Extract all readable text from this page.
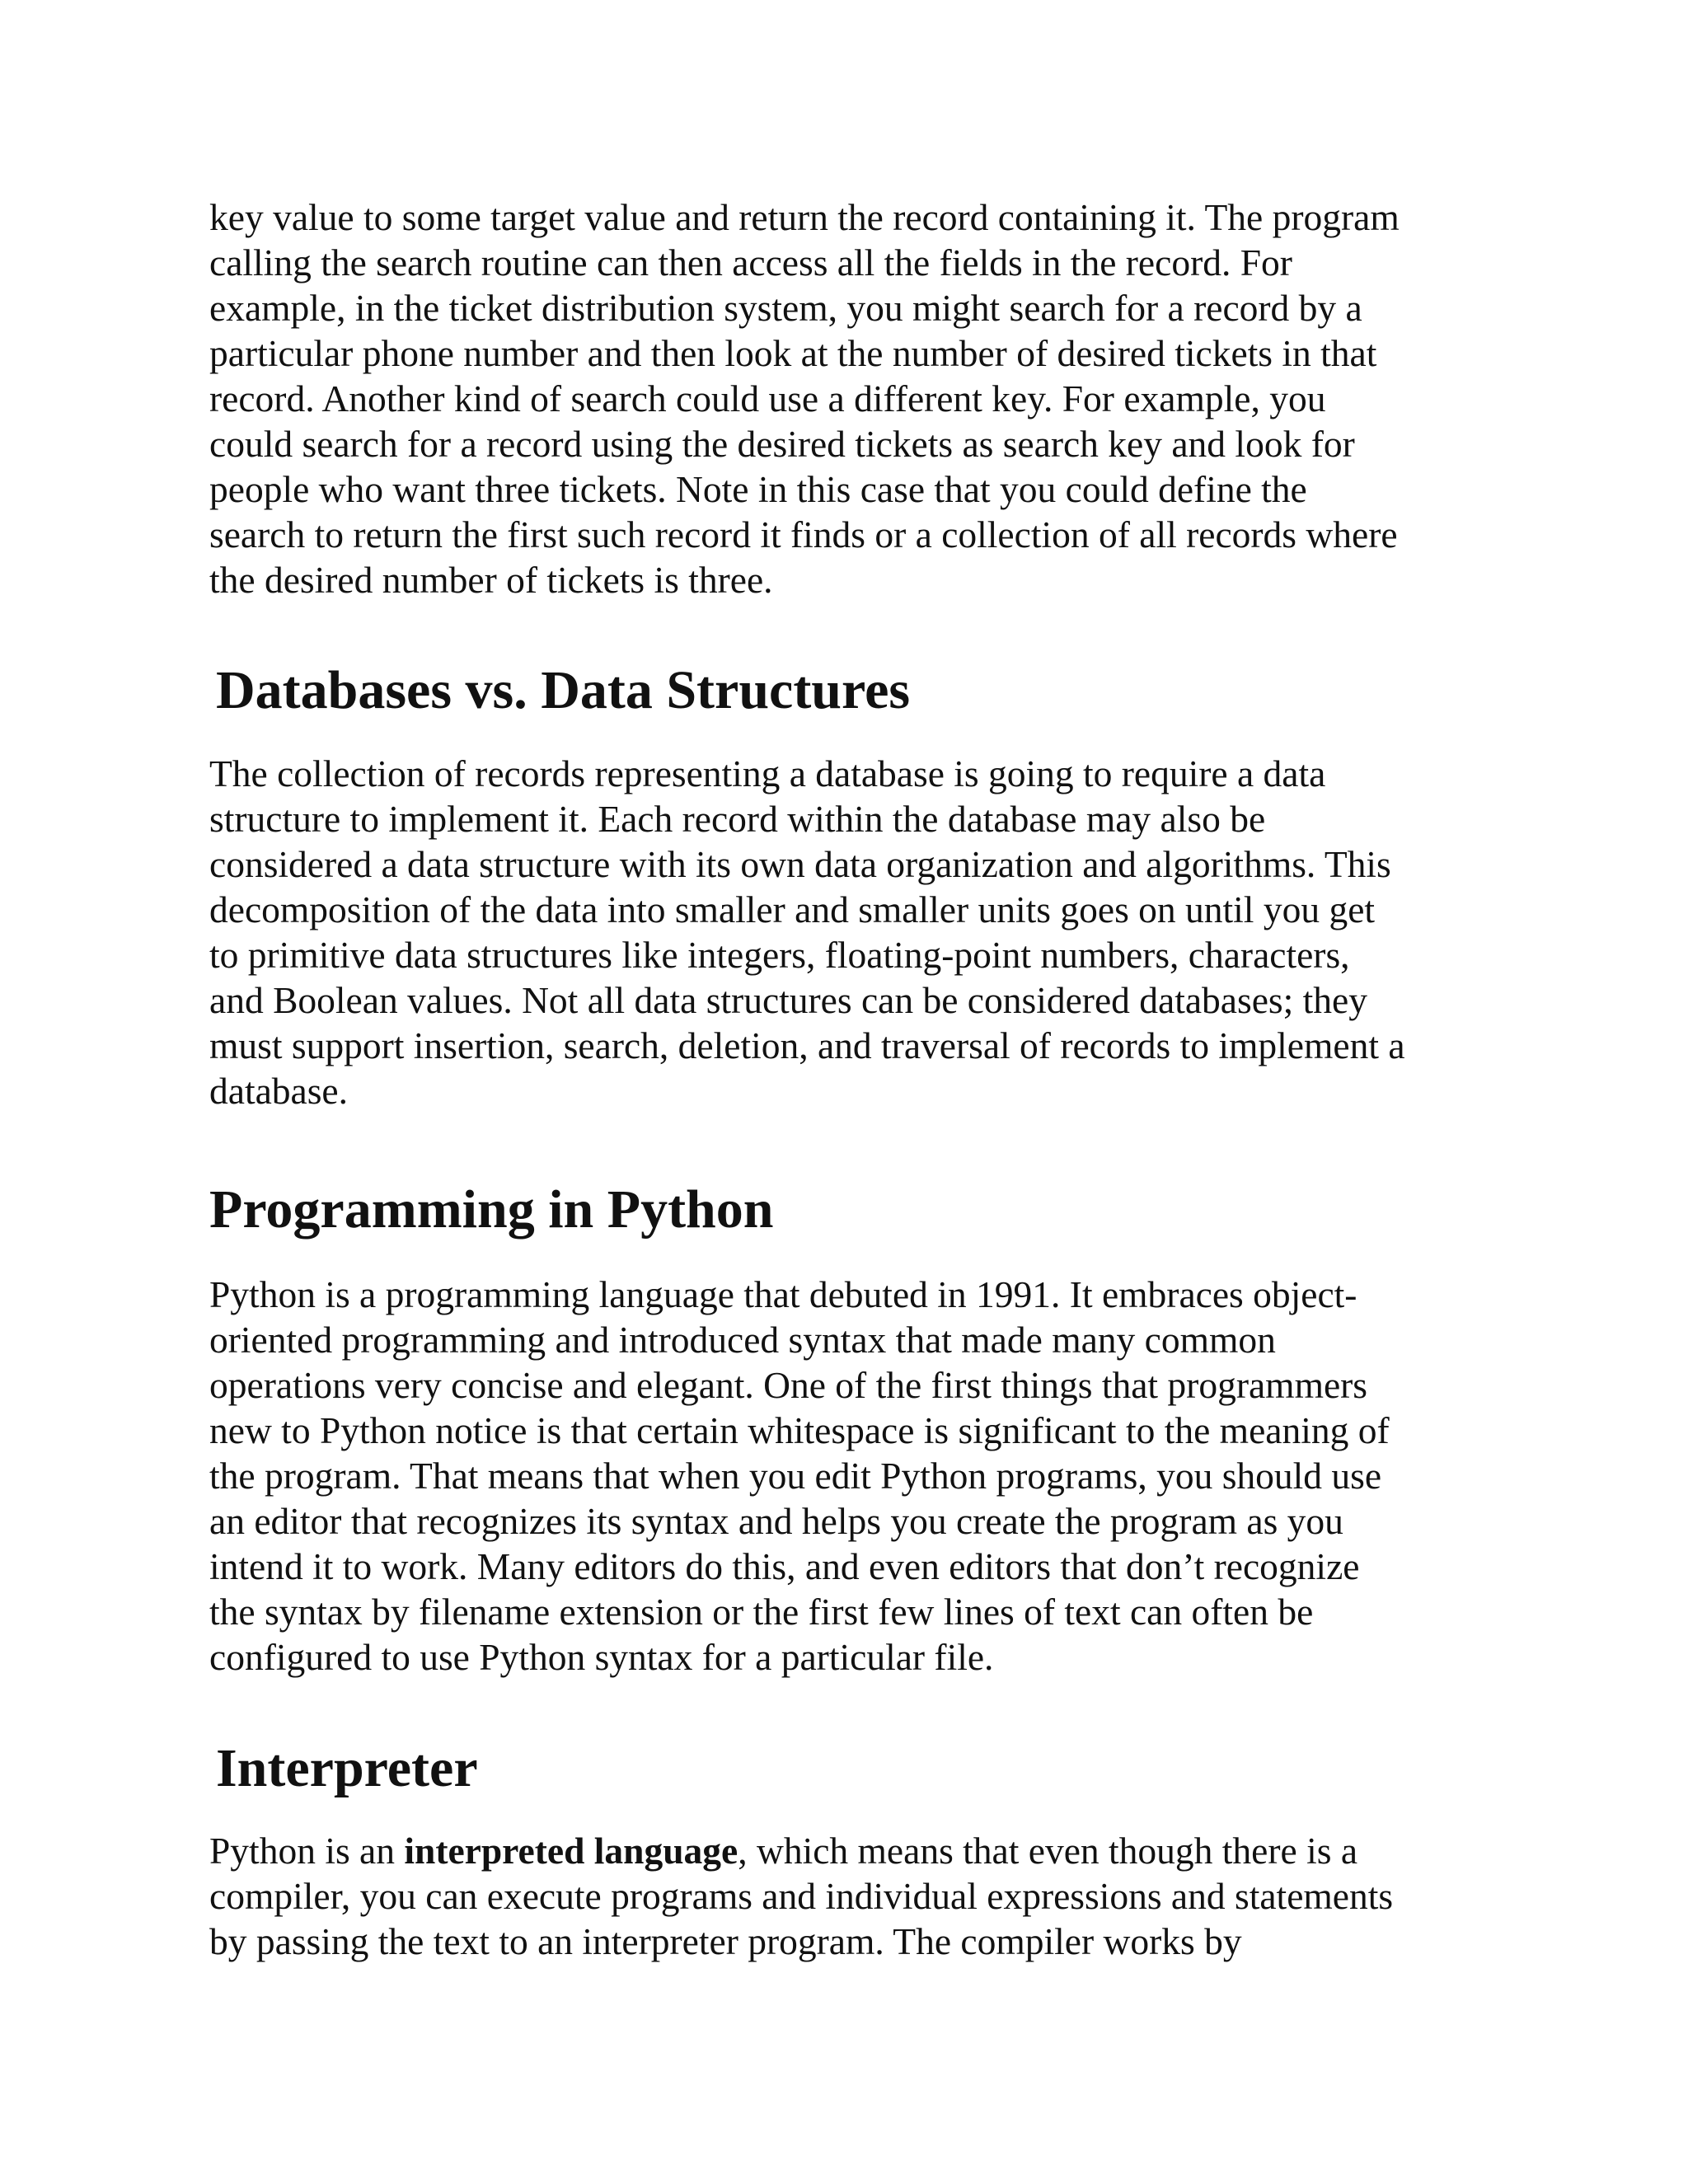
key value to some target value and return the record containing it. The program
calling the search routine can then access all the fields in the record. For
example, in the ticket distribution system, you might search for a record by a
particular phone number and then look at the number of desired tickets in that
record. Another kind of search could use a different key. For example, you
could search for a record using the desired tickets as search key and look for
people who want three tickets. Note in this case that you could define the
search to return the first such record it finds or a collection of all records where
the desired number of tickets is three.

Databases vs. Data Structures

The collection of records representing a database is going to require a data
structure to implement it. Each record within the database may also be
considered a data structure with its own data organization and algorithms. This
decomposition of the data into smaller and smaller units goes on until you get
to primitive data structures like integers, floating-point numbers, characters,
and Boolean values. Not all data structures can be considered databases; they
must support insertion, search, deletion, and traversal of records to implement a
database.

Programming in Python

Python is a programming language that debuted in 1991. It embraces object-
oriented programming and introduced syntax that made many common
operations very concise and elegant. One of the first things that programmers
new to Python notice is that certain whitespace is significant to the meaning of
the program. That means that when you edit Python programs, you should use
an editor that recognizes its syntax and helps you create the program as you
intend it to work. Many editors do this, and even editors that don’t recognize
the syntax by filename extension or the first few lines of text can often be
configured to use Python syntax for a particular file.

Interpreter

Python is an interpreted language, which means that even though there is a
compiler, you can execute programs and individual expressions and statements
by passing the text to an interpreter program. The compiler works by
